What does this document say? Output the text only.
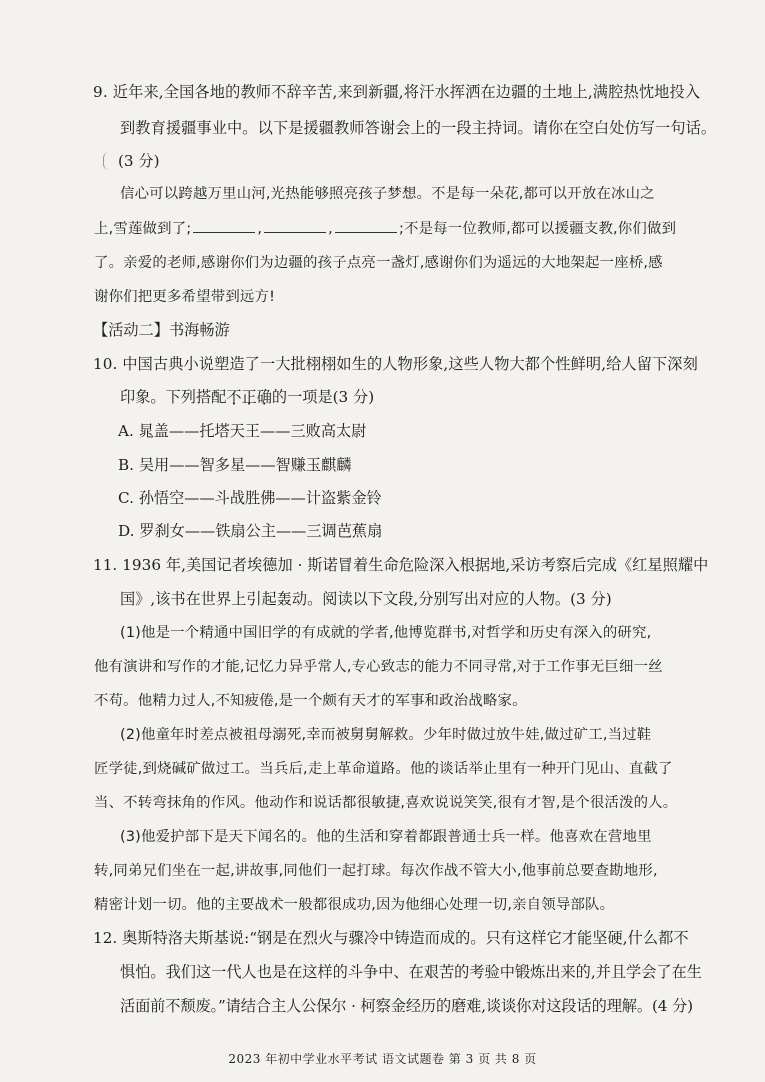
9. 近年来,全国各地的教师不辞辛苦,来到新疆,将汗水挥洒在边疆的土地上,满腔热忱地投入
到教育援疆事业中。以下是援疆教师答谢会上的一段主持词。请你在空白处仿写一句话。
(3 分)
信心可以跨越万里山河,光热能够照亮孩子梦想。不是每一朵花,都可以开放在冰山之
上,雪莲做到了;	,	,	;不是每一位教师,都可以援疆支教,你们做到
了。亲爱的老师,感谢你们为边疆的孩子点亮一盏灯,感谢你们为遥远的大地架起一座桥,感
谢你们把更多希望带到远方!
【活动二】书海畅游
10. 中国古典小说塑造了一大批栩栩如生的人物形象,这些人物大都个性鲜明,给人留下深刻
印象。下列搭配不正确的一项是(3 分)
A. 晁盖——托塔天王——三败高太尉
B. 吴用——智多星——智赚玉麒麟
C. 孙悟空——斗战胜佛——计盗紫金铃
D. 罗刹女——铁扇公主——三调芭蕉扇
11. 1936 年,美国记者埃德加 · 斯诺冒着生命危险深入根据地,采访考察后完成《红星照耀中
国》,该书在世界上引起轰动。阅读以下文段,分别写出对应的人物。(3 分)
(1)他是一个精通中国旧学的有成就的学者,他博览群书,对哲学和历史有深入的研究,
他有演讲和写作的才能,记忆力异乎常人,专心致志的能力不同寻常,对于工作事无巨细一丝
不苟。他精力过人,不知疲倦,是一个颇有天才的军事和政治战略家。
(2)他童年时差点被祖母溺死,幸而被舅舅解救。少年时做过放牛娃,做过矿工,当过鞋
匠学徒,到烧碱矿做过工。当兵后,走上革命道路。他的谈话举止里有一种开门见山、直截了
当、不转弯抹角的作风。他动作和说话都很敏捷,喜欢说说笑笑,很有才智,是个很活泼的人。
(3)他爱护部下是天下闻名的。他的生活和穿着都跟普通士兵一样。他喜欢在营地里
转,同弟兄们坐在一起,讲故事,同他们一起打球。每次作战不管大小,他事前总要查勘地形,
精密计划一切。他的主要战术一般都很成功,因为他细心处理一切,亲自领导部队。
12. 奥斯特洛夫斯基说:“钢是在烈火与骤冷中铸造而成的。只有这样它才能坚硬,什么都不
惧怕。我们这一代人也是在这样的斗争中、在艰苦的考验中锻炼出来的,并且学会了在生
活面前不颓废。”请结合主人公保尔 · 柯察金经历的磨难,谈谈你对这段话的理解。(4 分)
2023 年初中学业水平考试 语文试题卷 第 3 页 共 8 页
